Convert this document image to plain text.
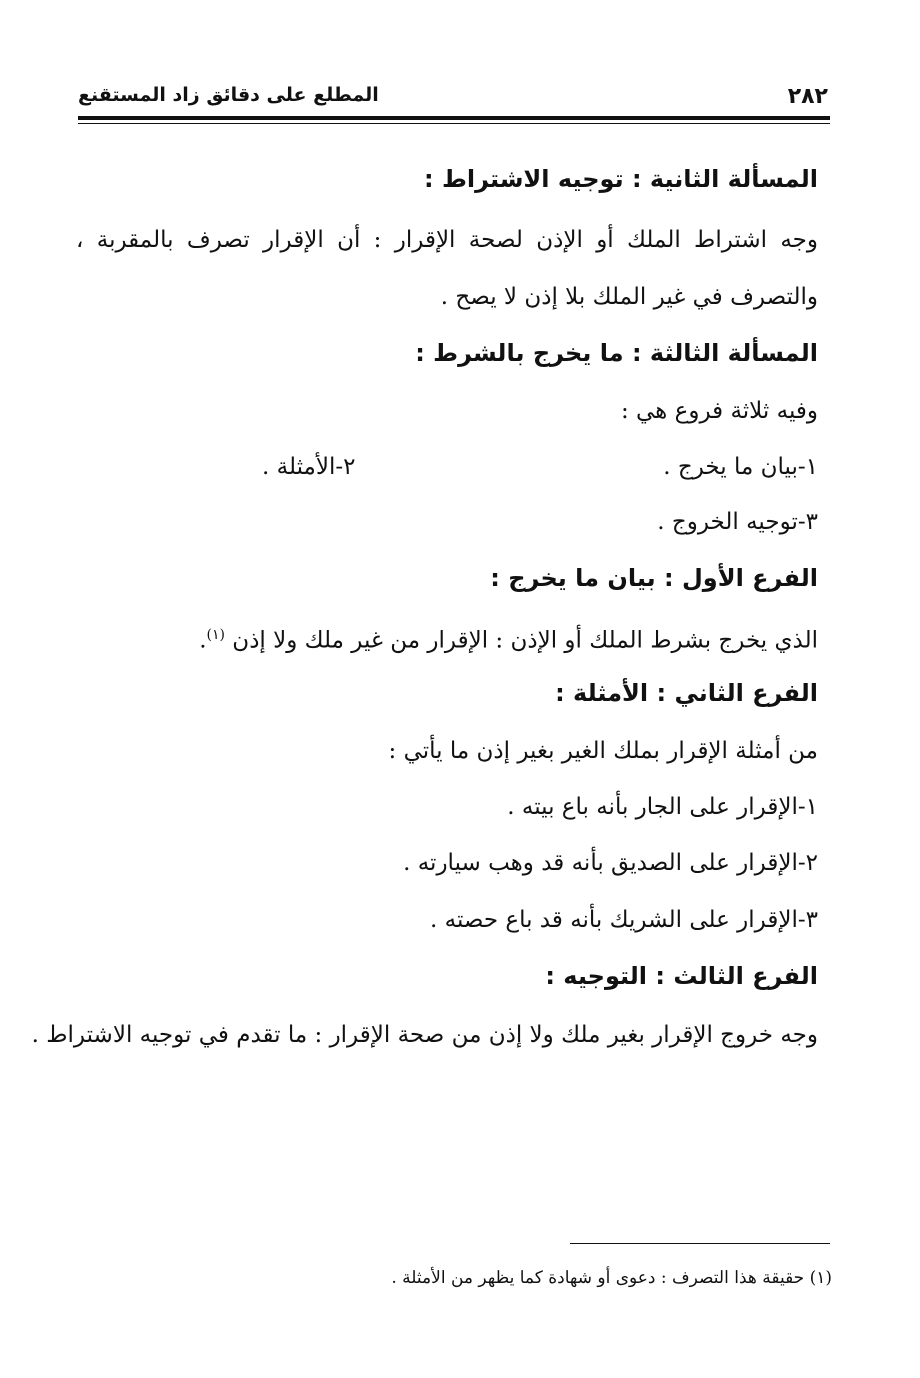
٢٨٢
المطلع على دقائق زاد المستقنع
المسألة الثانية : توجيه الاشتراط :
وجه اشتراط الملك أو الإذن لصحة الإقرار : أن الإقرار تصرف بالمقربة ،
والتصرف في غير الملك بلا إذن لا يصح .
المسألة الثالثة : ما يخرج بالشرط :
وفيه ثلاثة فروع هي :
١-بيان ما يخرج .
٢-الأمثلة .
٣-توجيه الخروج .
الفرع الأول : بيان ما يخرج :
الذي يخرج بشرط الملك أو الإذن : الإقرار من غير ملك ولا إذن $^{(١)}$.
الفرع الثاني : الأمثلة :
من أمثلة الإقرار بملك الغير بغير إذن ما يأتي :
١-الإقرار على الجار بأنه باع بيته .
٢-الإقرار على الصديق بأنه قد وهب سيارته .
٣-الإقرار على الشريك بأنه قد باع حصته .
الفرع الثالث : التوجيه :
وجه خروج الإقرار بغير ملك ولا إذن من صحة الإقرار : ما تقدم في توجيه الاشتراط .
(١) حقيقة هذا التصرف : دعوى أو شهادة كما يظهر من الأمثلة .
